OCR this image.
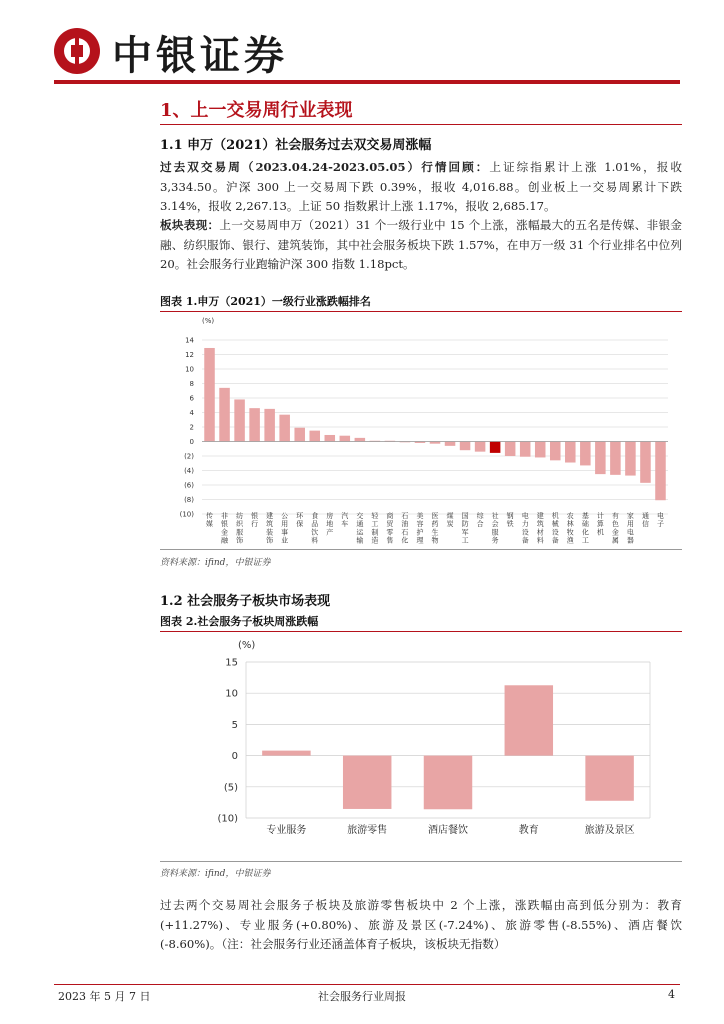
中银证券
1、上一交易周行业表现
1.1 申万（2021）社会服务过去双交易周涨幅
过去双交易周（2023.04.24-2023.05.05）行情回顾：上证综指累计上涨 1.01%，报收 3,334.50。沪深 300 上一交易周下跌 0.39%，报收 4,016.88。创业板上一交易周累计下跌 3.14%，报收 2,267.13。上证 50 指数累计上涨 1.17%，报收 2,685.17。
板块表现：上一交易周申万（2021）31 个一级行业中 15 个上涨，涨幅最大的五名是传媒、非银金融、纺织服饰、银行、建筑装饰，其中社会服务板块下跌 1.57%，在申万一级 31 个行业排名中位列 20。社会服务行业跑输沪深 300 指数 1.18pct。
图表 1.申万（2021）一级行业涨跌幅排名
(%)
(10)
(8)
(6)
(4)
(2)
0
2
4
6
8
10
12
14
传
媒
非
银
金
融
纺
织
服
饰
银
行
建
筑
装
饰
公
用
事
业
环
保
食
品
饮
料
房
地
产
汽
车
交
通
运
输
轻
工
制
造
商
贸
零
售
石
油
石
化
美
容
护
理
医
药
生
物
煤
炭
国
防
军
工
综
合
社
会
服
务
钢
铁
电
力
设
备
建
筑
材
料
机
械
设
备
农
林
牧
渔
基
础
化
工
计
算
机
有
色
金
属
家
用
电
器
通
信
电
子
资料来源：ifind，中银证券
1.2 社会服务子板块市场表现
图表 2.社会服务子板块周涨跌幅
(%)
(10)
(5)
0
5
10
15
专业服务	旅游零售	酒店餐饮	教育	旅游及景区
资料来源：ifind，中银证券
过去两个交易周社会服务子板块及旅游零售板块中 2 个上涨，涨跌幅由高到低分别为：教育(+11.27%)、专业服务(+0.80%)、旅游及景区(-7.24%)、旅游零售(-8.55%)、酒店餐饮(-8.60%)。（注：社会服务行业还涵盖体育子板块，该板块无指数）
2023 年 5 月 7 日	社会服务行业周报	4
